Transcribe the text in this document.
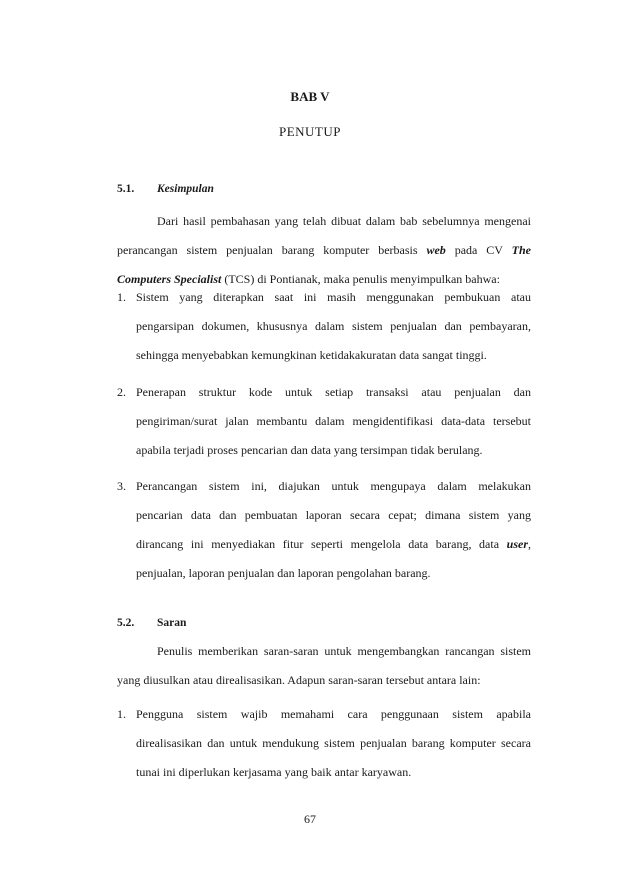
BAB V
PENUTUP
5.1. Kesimpulan
Dari hasil pembahasan yang telah dibuat dalam bab sebelumnya mengenai
perancangan sistem penjualan barang komputer berbasis web pada CV The
Computers Specialist (TCS) di Pontianak, maka penulis menyimpulkan bahwa:
1. Sistem yang diterapkan saat ini masih menggunakan pembukuan atau
pengarsipan dokumen, khususnya dalam sistem penjualan dan pembayaran,
sehingga menyebabkan kemungkinan ketidakakuratan data sangat tinggi.
2. Penerapan struktur kode untuk setiap transaksi atau penjualan dan
pengiriman/surat jalan membantu dalam mengidentifikasi data-data tersebut
apabila terjadi proses pencarian dan data yang tersimpan tidak berulang.
3. Perancangan sistem ini, diajukan untuk mengupaya dalam melakukan
pencarian data dan pembuatan laporan secara cepat; dimana sistem yang
dirancang ini menyediakan fitur seperti mengelola data barang, data user,
penjualan, laporan penjualan dan laporan pengolahan barang.
5.2. Saran
Penulis memberikan saran-saran untuk mengembangkan rancangan sistem
yang diusulkan atau direalisasikan. Adapun saran-saran tersebut antara lain:
1. Pengguna sistem wajib memahami cara penggunaan sistem apabila
direalisasikan dan untuk mendukung sistem penjualan barang komputer secara
tunai ini diperlukan kerjasama yang baik antar karyawan.
67
